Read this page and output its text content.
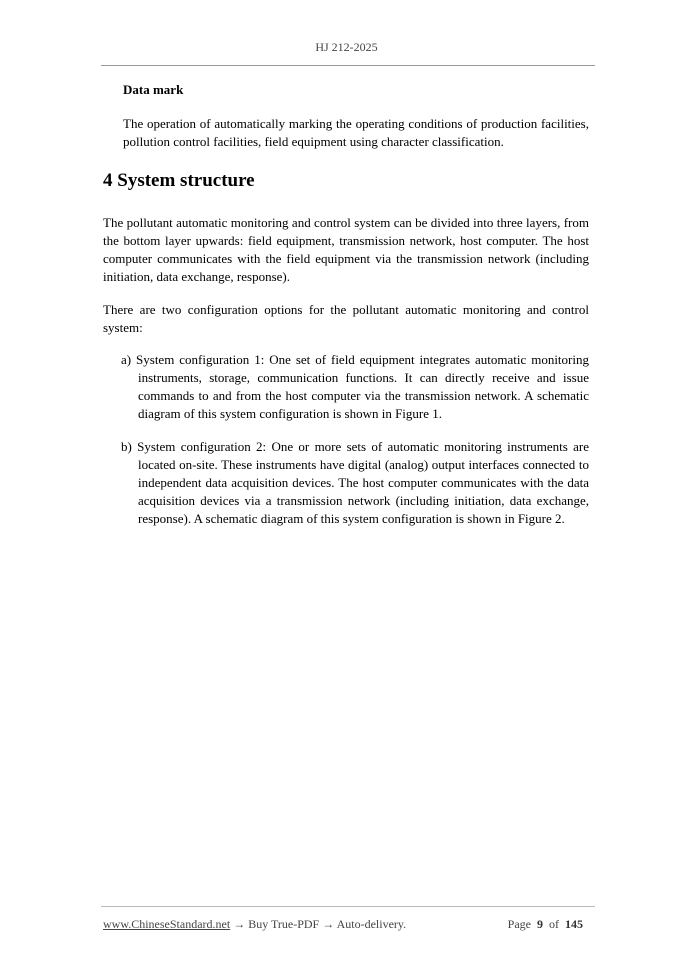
HJ 212-2025
Data mark
The operation of automatically marking the operating conditions of production facilities, pollution control facilities, field equipment using character classification.
4 System structure
The pollutant automatic monitoring and control system can be divided into three layers, from the bottom layer upwards: field equipment, transmission network, host computer. The host computer communicates with the field equipment via the transmission network (including initiation, data exchange, response).
There are two configuration options for the pollutant automatic monitoring and control system:
a) System configuration 1: One set of field equipment integrates automatic monitoring instruments, storage, communication functions. It can directly receive and issue commands to and from the host computer via the transmission network. A schematic diagram of this system configuration is shown in Figure 1.
b) System configuration 2: One or more sets of automatic monitoring instruments are located on-site. These instruments have digital (analog) output interfaces connected to independent data acquisition devices. The host computer communicates with the data acquisition devices via a transmission network (including initiation, data exchange, response). A schematic diagram of this system configuration is shown in Figure 2.
www.ChineseStandard.net → Buy True-PDF → Auto-delivery.	Page 9 of 145
